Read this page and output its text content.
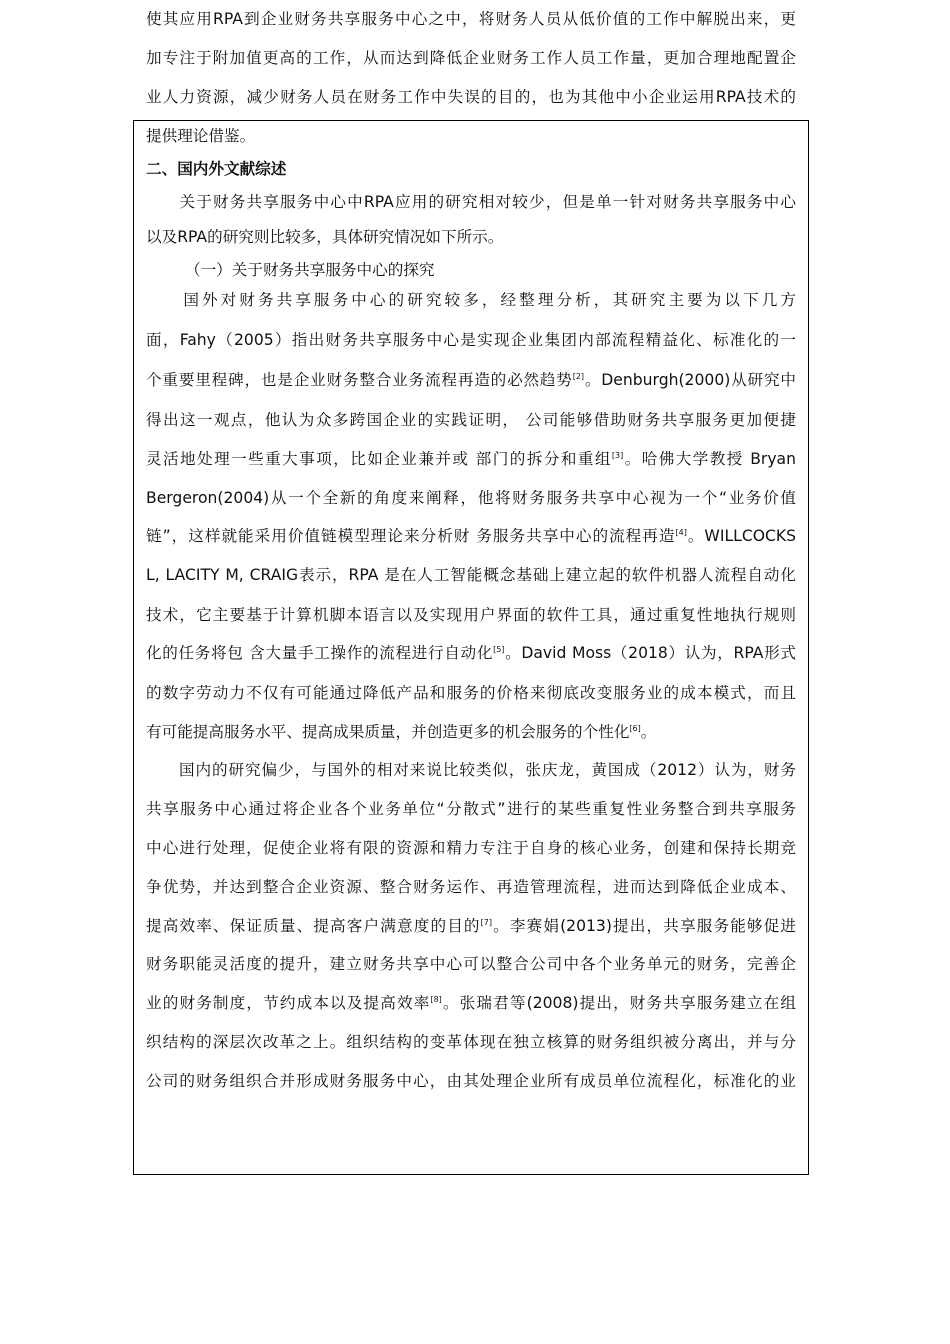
使其应用RPA到企业财务共享服务中心之中，将财务人员从低价值的工作中解脱出来，更
加专注于附加值更高的工作，从而达到降低企业财务工作人员工作量，更加合理地配置企
业人力资源，减少财务人员在财务工作中失误的目的，也为其他中小企业运用RPA技术的
提供理论借鉴。
二、国内外文献综述
　　关于财务共享服务中心中RPA应用的研究相对较少，但是单一针对财务共享服务中心
以及RPA的研究则比较多，具体研究情况如下所示。
　　　（一）关于财务共享服务中心的探究
　　国外对财务共享服务中心的研究较多，经整理分析，其研究主要为以下几方
面，Fahy（2005）指出财务共享服务中心是实现企业集团内部流程精益化、标准化的一
个重要里程碑，也是企业财务整合业务流程再造的必然趋势[2]。Denburgh(2000)从研究中
得出这一观点，他认为众多跨国企业的实践证明， 公司能够借助财务共享服务更加便捷
灵活地处理一些重大事项，比如企业兼并或 部门的拆分和重组[3]。哈佛大学教授 Bryan
Bergeron(2004)从一个全新的角度来阐释，他将财务服务共享中心视为一个“业务价值
链”，这样就能采用价值链模型理论来分析财 务服务共享中心的流程再造[4]。WILLCOCKS
L, LACITY M, CRAIG表示，RPA 是在人工智能概念基础上建立起的软件机器人流程自动化
技术，它主要基于计算机脚本语言以及实现用户界面的软件工具，通过重复性地执行规则
化的任务将包 含大量手工操作的流程进行自动化[5]。David Moss（2018）认为，RPA形式
的数字劳动力不仅有可能通过降低产品和服务的价格来彻底改变服务业的成本模式，而且
有可能提高服务水平、提高成果质量，并创造更多的机会服务的个性化[6]。
　　国内的研究偏少，与国外的相对来说比较类似，张庆龙，黄国成（2012）认为，财务
共享服务中心通过将企业各个业务单位“分散式”进行的某些重复性业务整合到共享服务
中心进行处理，促使企业将有限的资源和精力专注于自身的核心业务，创建和保持长期竞
争优势，并达到整合企业资源、整合财务运作、再造管理流程，进而达到降低企业成本、
提高效率、保证质量、提高客户满意度的目的[7]。李赛娟(2013)提出，共享服务能够促进
财务职能灵活度的提升，建立财务共享中心可以整合公司中各个业务单元的财务，完善企
业的财务制度，节约成本以及提高效率[8]。张瑞君等(2008)提出，财务共享服务建立在组
织结构的深层次改革之上。组织结构的变革体现在独立核算的财务组织被分离出，并与分
公司的财务组织合并形成财务服务中心，由其处理企业所有成员单位流程化，标准化的业
